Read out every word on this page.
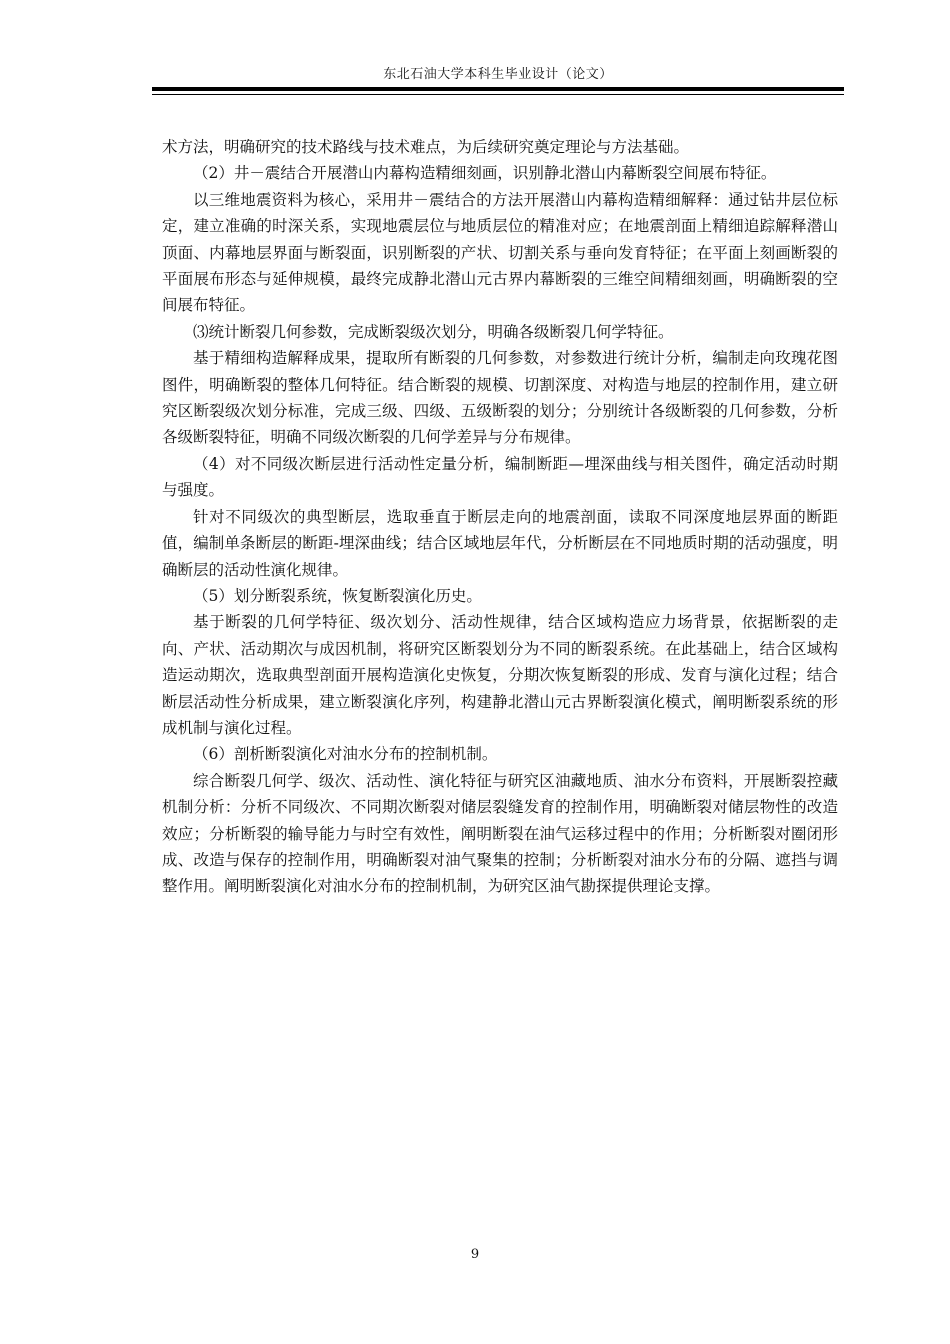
东北石油大学本科生毕业设计（论文）

术方法，明确研究的技术路线与技术难点，为后续研究奠定理论与方法基础。

（2）井－震结合开展潜山内幕构造精细刻画，识别静北潜山内幕断裂空间展布特征。

以三维地震资料为核心，采用井－震结合的方法开展潜山内幕构造精细解释：通过钻井层位标定，建立准确的时深关系，实现地震层位与地质层位的精准对应；在地震剖面上精细追踪解释潜山顶面、内幕地层界面与断裂面，识别断裂的产状、切割关系与垂向发育特征；在平面上刻画断裂的平面展布形态与延伸规模，最终完成静北潜山元古界内幕断裂的三维空间精细刻画，明确断裂的空间展布特征。

⑶统计断裂几何参数，完成断裂级次划分，明确各级断裂几何学特征。

基于精细构造解释成果，提取所有断裂的几何参数，对参数进行统计分析，编制走向玫瑰花图图件，明确断裂的整体几何特征。结合断裂的规模、切割深度、对构造与地层的控制作用，建立研究区断裂级次划分标准，完成三级、四级、五级断裂的划分；分别统计各级断裂的几何参数，分析各级断裂特征，明确不同级次断裂的几何学差异与分布规律。

（4）对不同级次断层进行活动性定量分析，编制断距—埋深曲线与相关图件，确定活动时期与强度。

针对不同级次的典型断层，选取垂直于断层走向的地震剖面，读取不同深度地层界面的断距值，编制单条断层的断距-埋深曲线；结合区域地层年代，分析断层在不同地质时期的活动强度，明确断层的活动性演化规律。

（5）划分断裂系统，恢复断裂演化历史。

基于断裂的几何学特征、级次划分、活动性规律，结合区域构造应力场背景，依据断裂的走向、产状、活动期次与成因机制，将研究区断裂划分为不同的断裂系统。在此基础上，结合区域构造运动期次，选取典型剖面开展构造演化史恢复，分期次恢复断裂的形成、发育与演化过程；结合断层活动性分析成果，建立断裂演化序列，构建静北潜山元古界断裂演化模式，阐明断裂系统的形成机制与演化过程。

（6）剖析断裂演化对油水分布的控制机制。

综合断裂几何学、级次、活动性、演化特征与研究区油藏地质、油水分布资料，开展断裂控藏机制分析：分析不同级次、不同期次断裂对储层裂缝发育的控制作用，明确断裂对储层物性的改造效应；分析断裂的输导能力与时空有效性，阐明断裂在油气运移过程中的作用；分析断裂对圈闭形成、改造与保存的控制作用，明确断裂对油气聚集的控制；分析断裂对油水分布的分隔、遮挡与调整作用。阐明断裂演化对油水分布的控制机制，为研究区油气勘探提供理论支撑。

9
